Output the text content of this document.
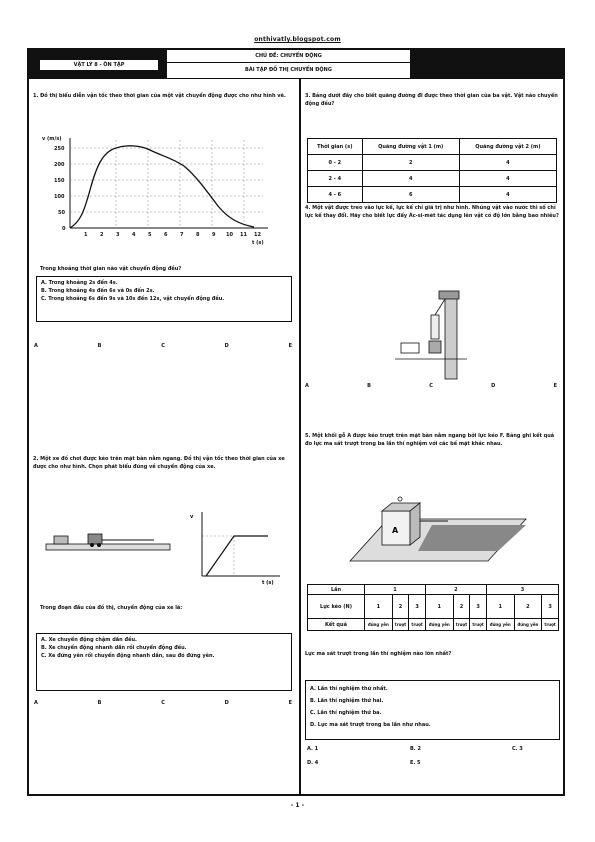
onthivatly.blogspot.com
VẬT LÝ 8 - ÔN TẬP
CHỦ ĐỀ: CHUYỂN ĐỘNG
BÀI TẬP ĐỒ THỊ CHUYỂN ĐỘNG
1. Đồ thị biểu diễn vận tốc theo thời gian của một vật chuyển động được cho như hình vẽ.
v (m/s)
250
200
150
100
50
0
1	2	3	4	5	6	7	8	9 10 11 12
t (s)
Trong khoảng thời gian nào vật chuyển động đều?
A. Trong khoảng 2s đến 4s.
B. Trong khoảng 4s đến 6s và 0s đến 2s.
C. Trong khoảng 6s đến 9s và 10s đến 12s, vật chuyển động đều.
A	B	C	D	E
2. Một xe đồ chơi được kéo trên mặt bàn nằm ngang. Đồ thị vận tốc theo thời gian của xe được cho như hình. Chọn phát biểu đúng về chuyển động của xe.
v
t (s)
Trong đoạn đầu của đồ thị, chuyển động của xe là:
A. Xe chuyển động chậm dần đều.
B. Xe chuyển động nhanh dần rồi chuyển động đều.
C. Xe đứng yên rồi chuyển động nhanh dần, sau đó đứng yên.
A	B	C	D	E
3. Bảng dưới đây cho biết quãng đường đi được theo thời gian của ba vật. Vật nào chuyển động đều?
Thời gian (s)	Quãng đường vật 1 (m)	Quãng đường vật 2 (m)
0 - 2	2	4
2 - 4	4	4
4 - 6	6	4
4. Một vật được treo vào lực kế, lực kế chỉ giá trị như hình. Nhúng vật vào nước thì số chỉ lực kế thay đổi. Hãy cho biết lực đẩy Ác-si-mét tác dụng lên vật có độ lớn bằng bao nhiêu?
A	B	C	D	E
5. Một khối gỗ A được kéo trượt trên mặt bàn nằm ngang bởi lực kéo F. Bảng ghi kết quả đo lực ma sát trượt trong ba lần thí nghiệm với các bề mặt khác nhau.
A
Lần	1			2			3		
Lực kéo (N)	1	2	3	1	2	3	1	2	3
Kết quả	đứng yên	trượt	trượt	đứng yên	trượt	trượt	đứng yên	đứng yên	trượt
Lực ma sát trượt trong lần thí nghiệm nào lớn nhất?
A. Lần thí nghiệm thứ nhất.
B. Lần thí nghiệm thứ hai.
C. Lần thí nghiệm thứ ba.
D. Lực ma sát trượt trong ba lần như nhau.
A. 1	B. 2	C. 3
D. 4	E. 5
- 1 -
